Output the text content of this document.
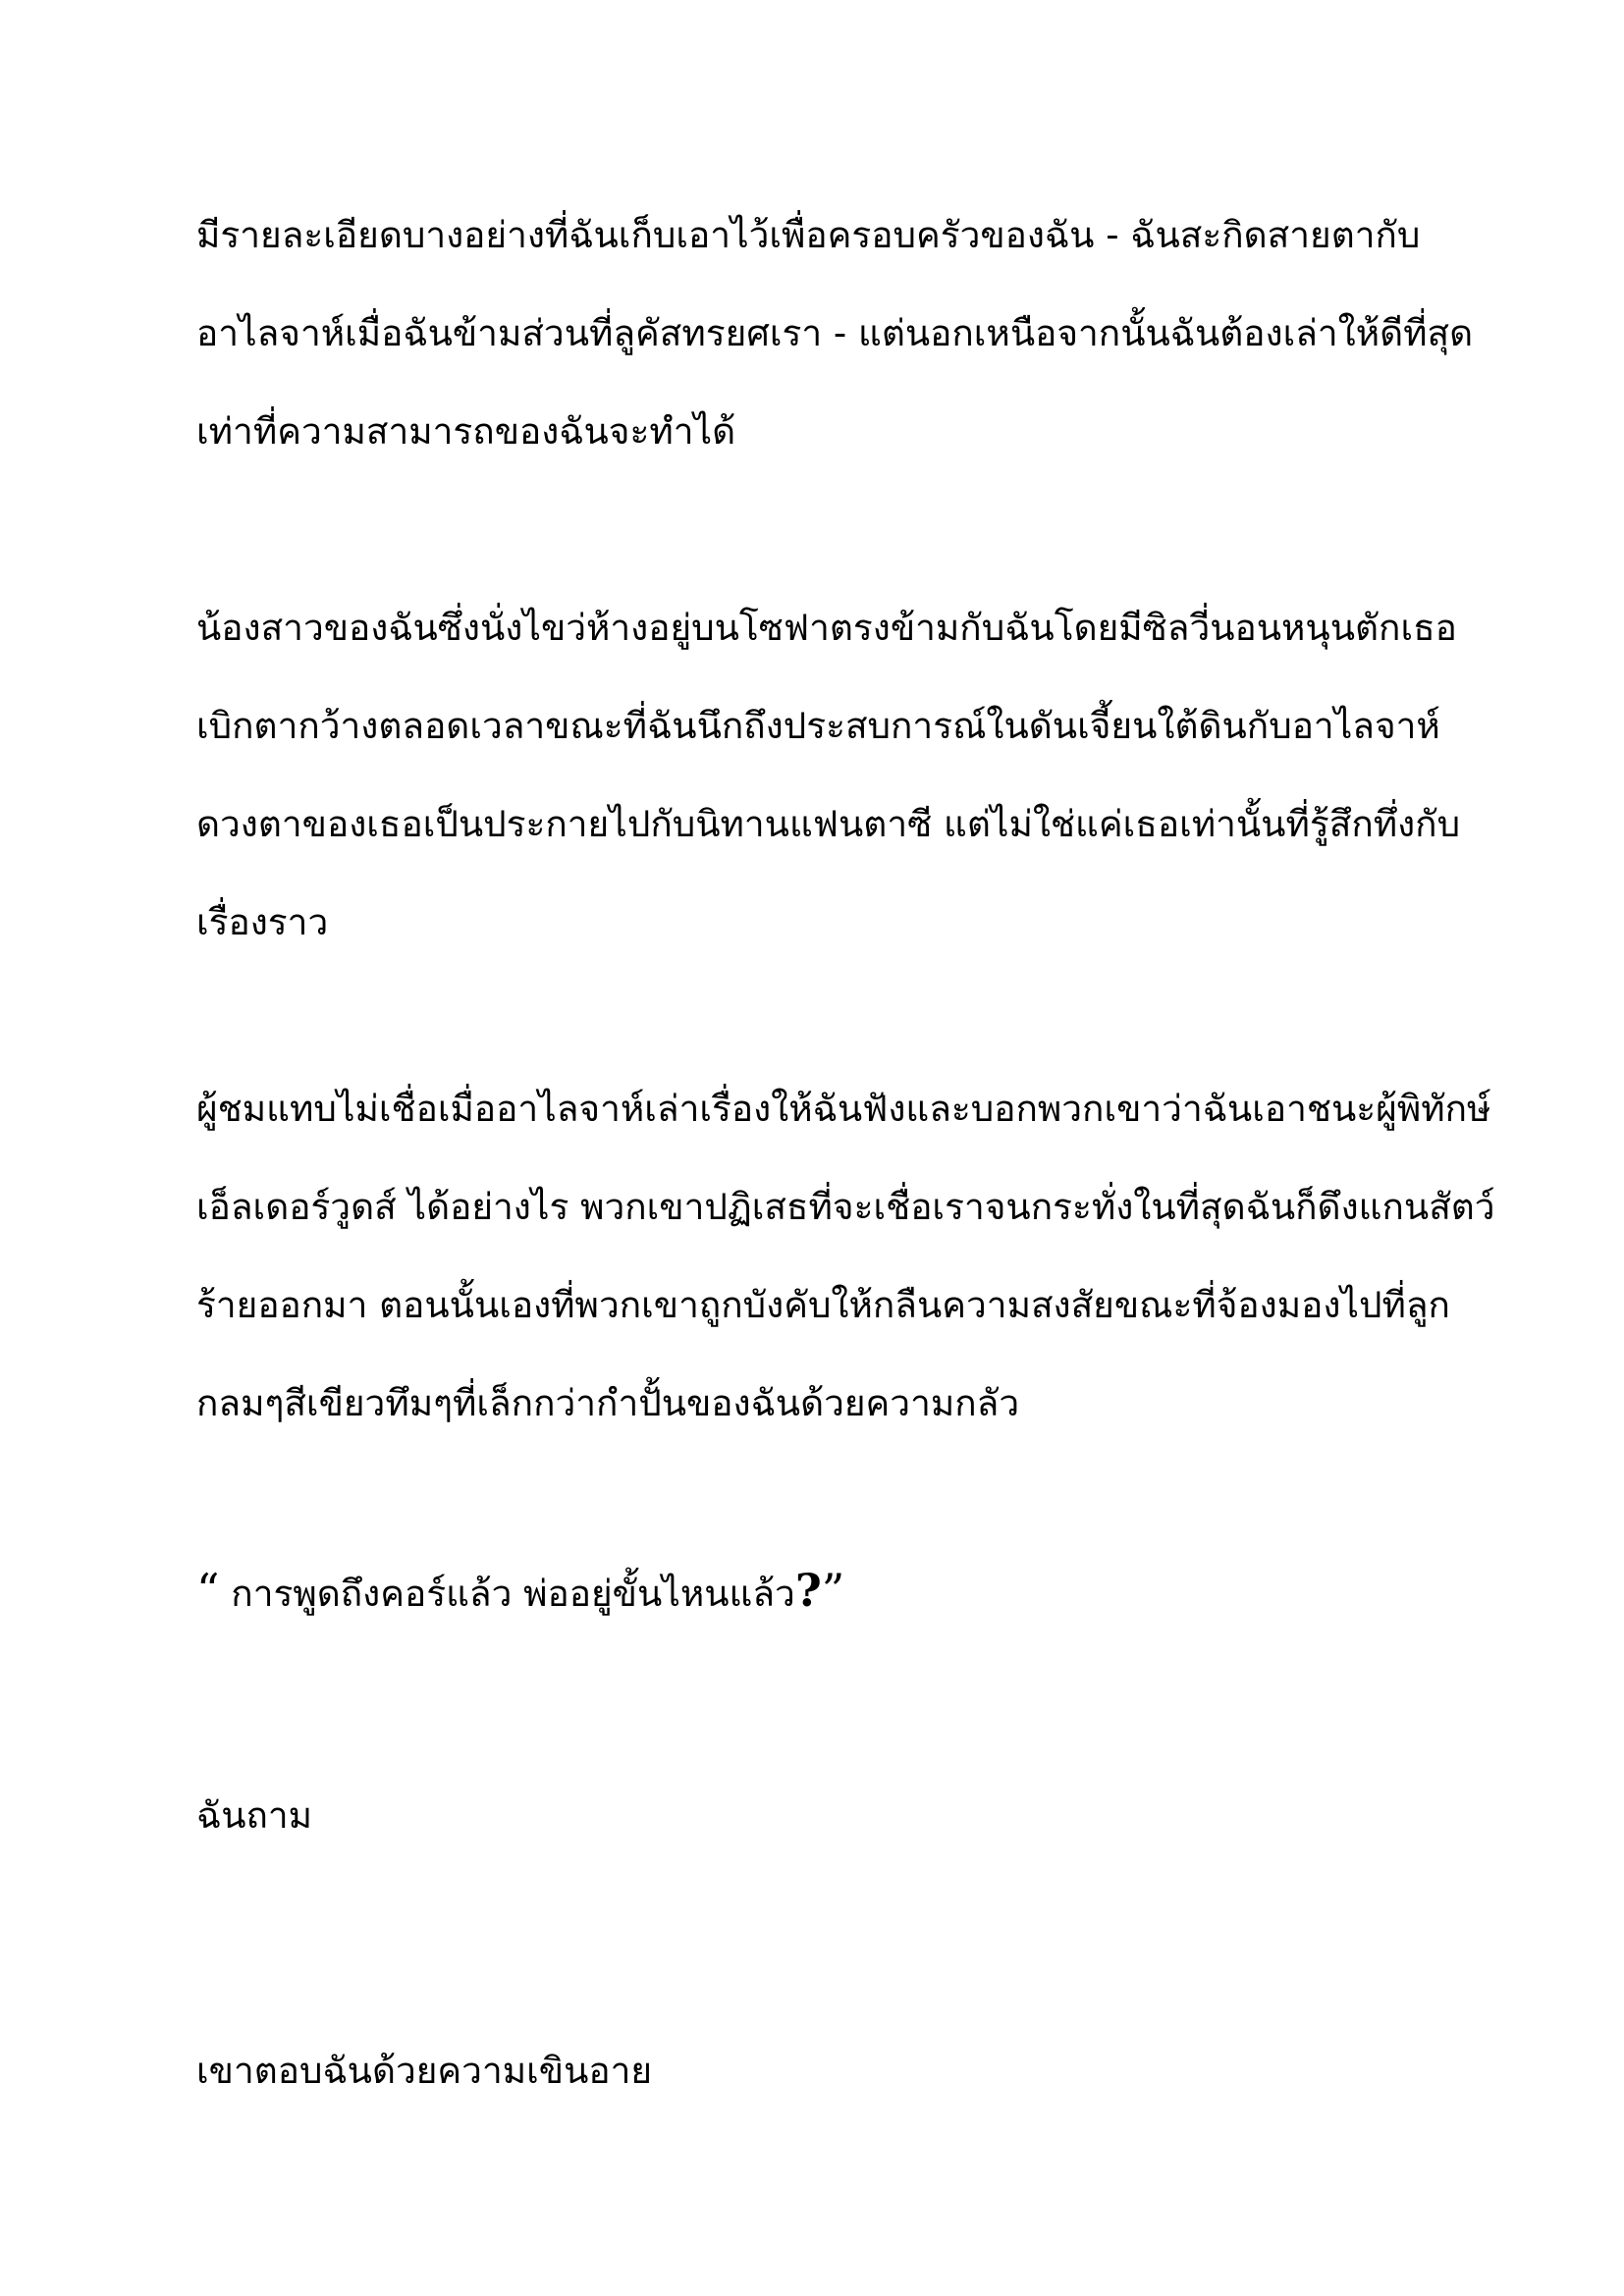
มีรายละเอียดบางอย่างที่ฉันเก็บเอาไว้เพื่อครอบครัวของฉัน - ฉันสะกิดสายตากับ
อาไลจาห์เมื่อฉันข้ามส่วนที่ลูคัสทรยศเรา - แต่นอกเหนือจากนั้นฉันต้องเล่าให้ดีที่สุด
เท่าที่ความสามารถของฉันจะทำได้

น้องสาวของฉันซึ่งนั่งไขว่ห้างอยู่บนโซฟาตรงข้ามกับฉันโดยมีซิลวี่นอนหนุนตักเธอ
เบิกตากว้างตลอดเวลาขณะที่ฉันนึกถึงประสบการณ์ในดันเจี้ยนใต้ดินกับอาไลจาห์
ดวงตาของเธอเป็นประกายไปกับนิทานแฟนตาซี แต่ไม่ใช่แค่เธอเท่านั้นที่รู้สึกทึ่งกับ
เรื่องราว

ผู้ชมแทบไม่เชื่อเมื่ออาไลจาห์เล่าเรื่องให้ฉันฟังและบอกพวกเขาว่าฉันเอาชนะผู้พิทักษ์
เอ็ลเดอร์วูดส์ ได้อย่างไร พวกเขาปฏิเสธที่จะเชื่อเราจนกระทั่งในที่สุดฉันก็ดึงแกนสัตว์
ร้ายออกมา ตอนนั้นเองที่พวกเขาถูกบังคับให้กลืนความสงสัยขณะที่จ้องมองไปที่ลูก
กลมๆสีเขียวทึมๆที่เล็กกว่ากำปั้นของฉันด้วยความกลัว

“ การพูดถึงคอร์แล้ว พ่ออยู่ขั้นไหนแล้ว?”

ฉันถาม

เขาตอบฉันด้วยความเขินอาย
